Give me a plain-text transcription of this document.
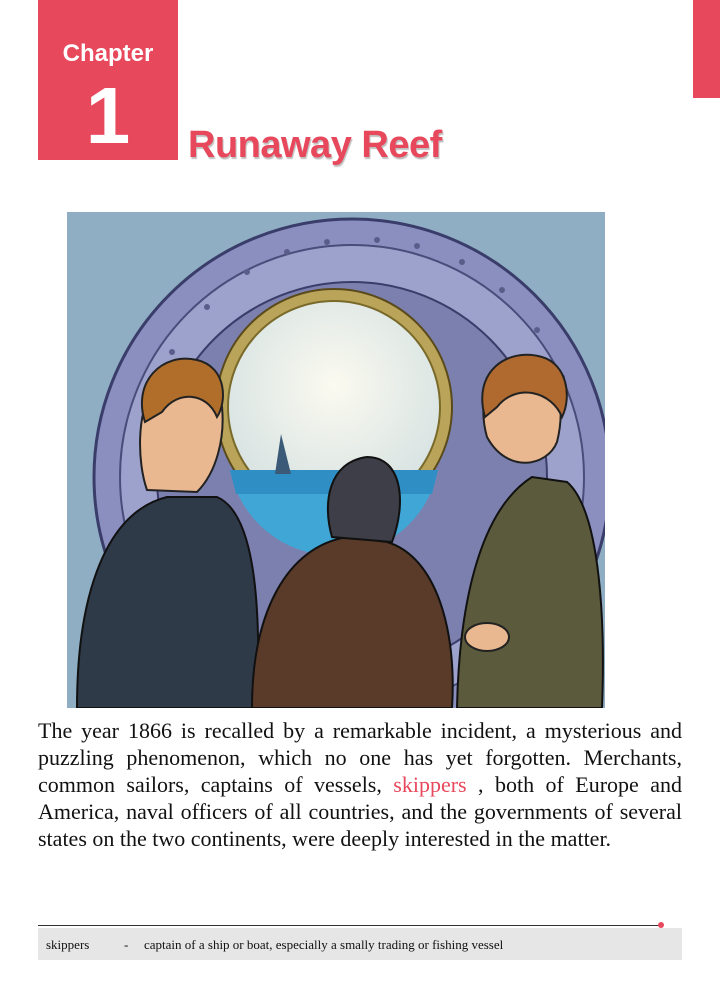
Chapter
1	Runaway Reef

The year 1866 is recalled by a remarkable incident, a mysterious and puzzling phenomenon, which no one has yet forgotten. Merchants, common sailors, captains of vessels, skippers , both of Europe and America, naval officers of all countries, and the governments of several states on the two continents, were deeply interested in the matter.

skippers	- captain of a ship or boat, especially a smally trading or fishing vessel
